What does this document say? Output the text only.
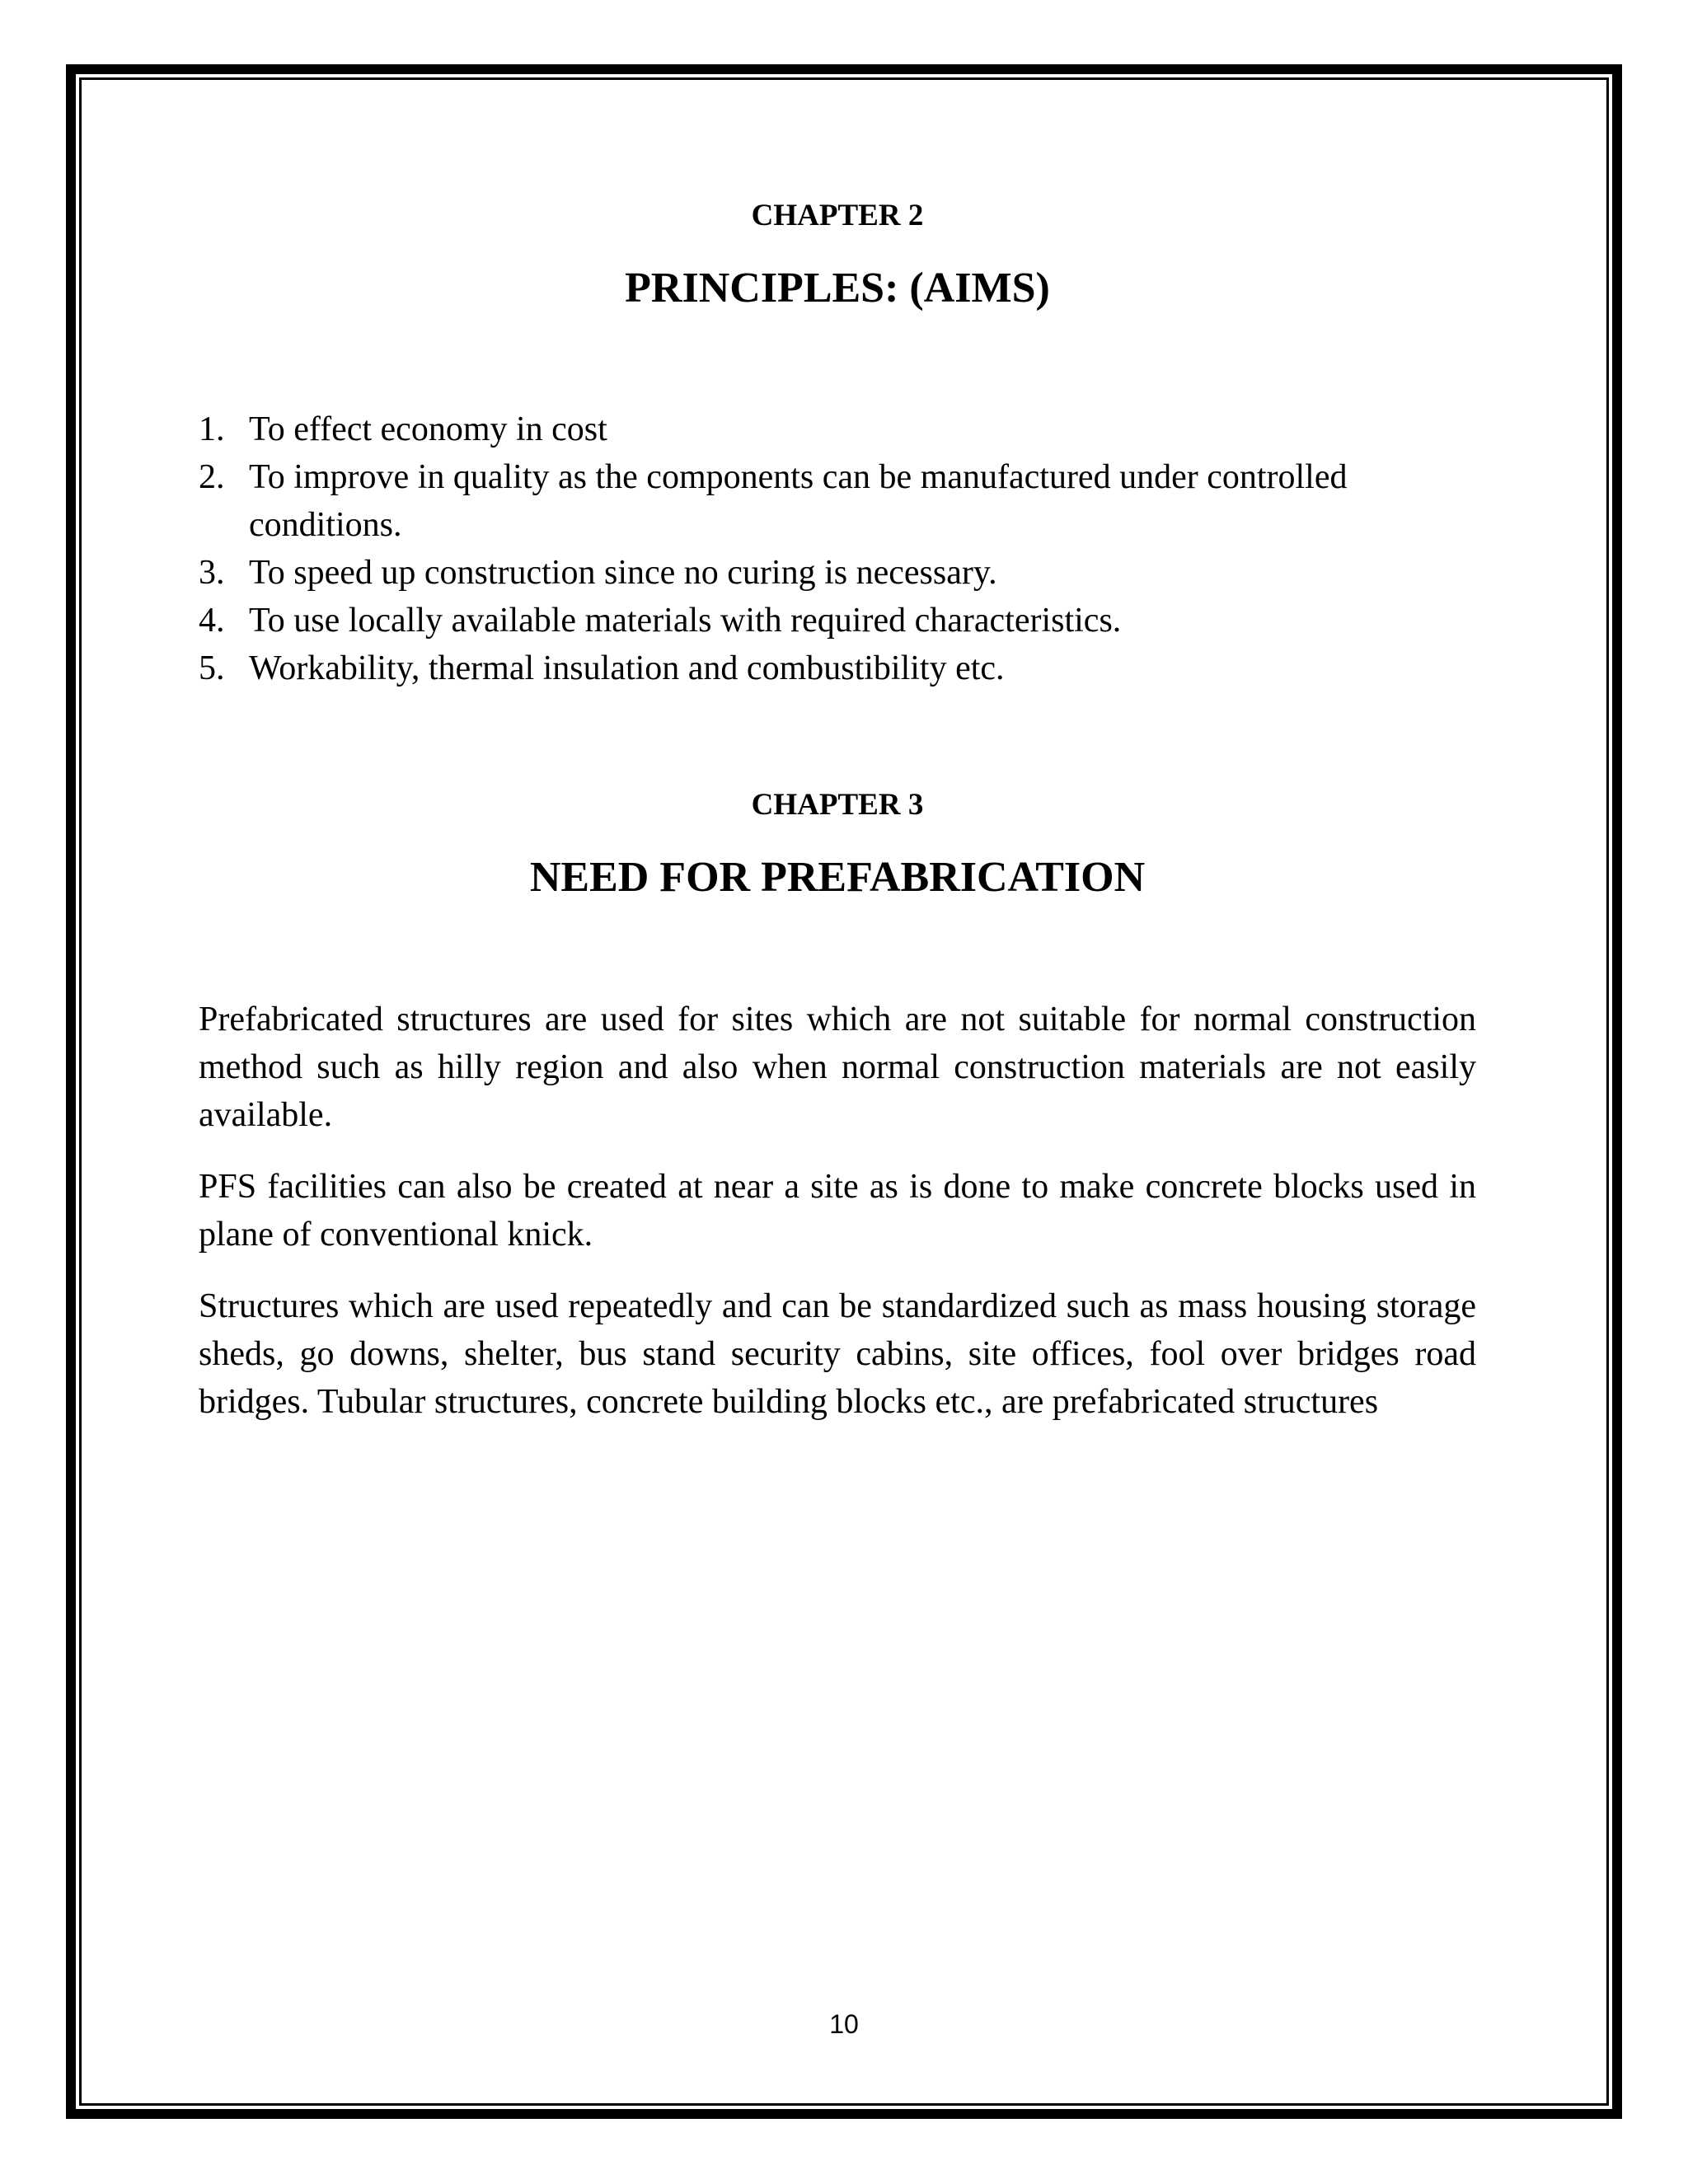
CHAPTER 2
PRINCIPLES: (AIMS)
1. To effect economy in cost
2. To improve in quality as the components can be manufactured under controlled conditions.
3. To speed up construction since no curing is necessary.
4. To use locally available materials with required characteristics.
5. Workability, thermal insulation and combustibility etc.
CHAPTER 3
NEED FOR PREFABRICATION

Prefabricated structures are used for sites which are not suitable for normal construction method such as hilly region and also when normal construction materials are not easily available.

PFS facilities can also be created at near a site as is done to make concrete blocks used in plane of conventional knick.

Structures which are used repeatedly and can be standardized such as mass housing storage sheds, go downs, shelter, bus stand security cabins, site offices, fool over bridges road bridges. Tubular structures, concrete building blocks etc., are prefabricated structures

10
